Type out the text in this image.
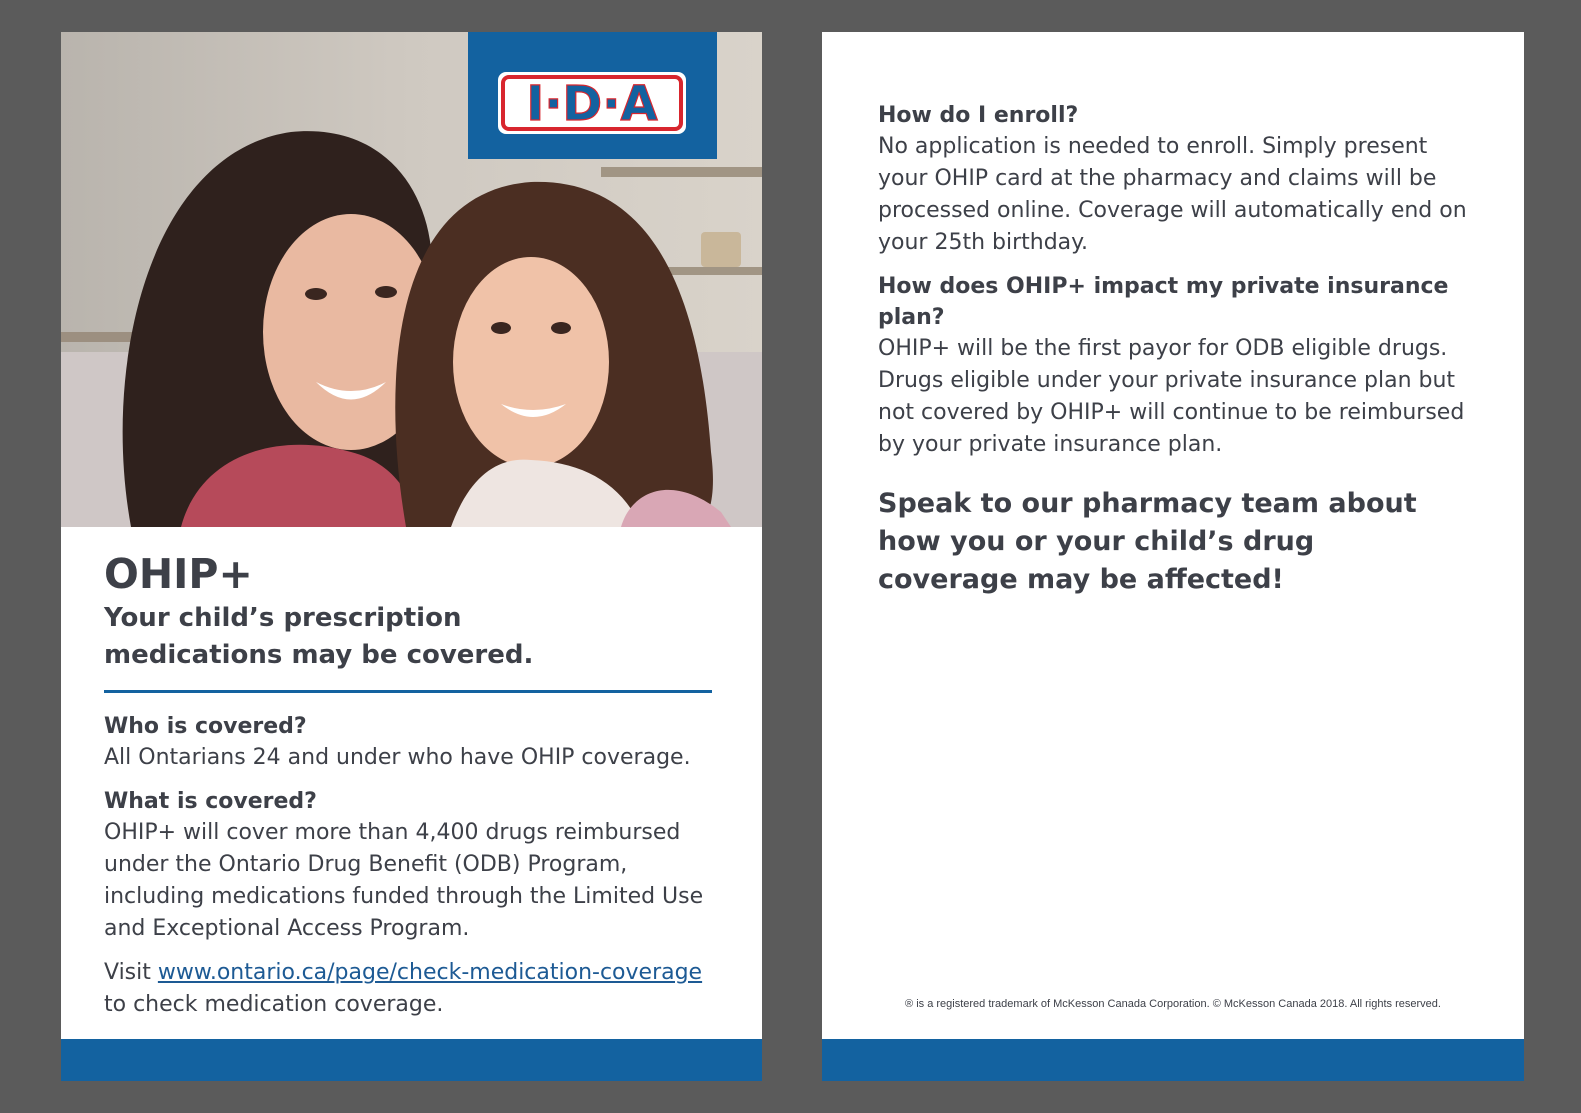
I·D·A
OHIP+

Your child’s prescription medications may be covered.

Who is covered?

All Ontarians 24 and under who have OHIP coverage.

What is covered?

OHIP+ will cover more than 4,400 drugs reimbursed under the Ontario Drug Benefit (ODB) Program, including medications funded through the Limited Use and Exceptional Access Program.

Visit www.ontario.ca/page/check-medication-coverage
to check medication coverage.

How do I enroll?

No application is needed to enroll. Simply present your OHIP card at the pharmacy and claims will be processed online. Coverage will automatically end on your 25th birthday.

How does OHIP+ impact my private insurance plan?

OHIP+ will be the first payor for ODB eligible drugs. Drugs eligible under your private insurance plan but not covered by OHIP+ will continue to be reimbursed by your private insurance plan.

Speak to our pharmacy team about how you or your child’s drug coverage may be affected!

® is a registered trademark of McKesson Canada Corporation. © McKesson Canada 2018. All rights reserved.
